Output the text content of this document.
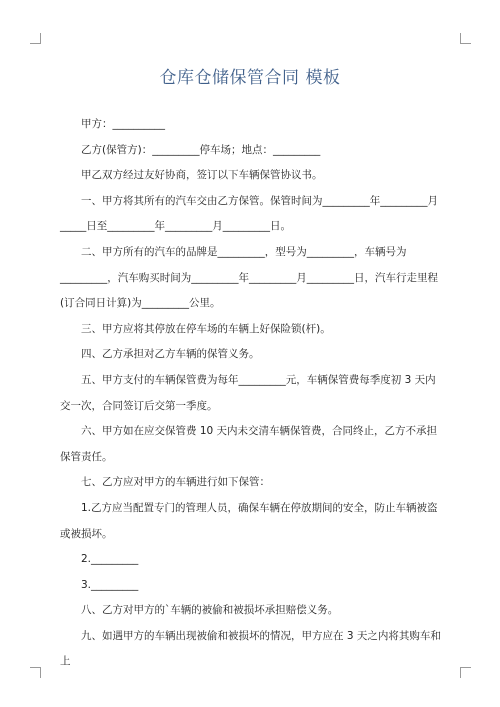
仓库仓储保管合同 模板

甲方：__________

乙方(保管方)：_________停车场；地点：_________

甲乙双方经过友好协商，签订以下车辆保管协议书。

一、甲方将其所有的汽车交由乙方保管。保管时间为_________年_________月_____日至_________年_________月_________日。

二、甲方所有的汽车的品牌是_________，型号为_________，车辆号为_________，汽车购买时间为_________年_________月_________日，汽车行走里程(订合同日计算)为_________公里。

三、甲方应将其停放在停车场的车辆上好保险锁(杆)。

四、乙方承担对乙方车辆的保管义务。

五、甲方支付的车辆保管费为每年_________元，车辆保管费每季度初 3 天内交一次，合同签订后交第一季度。

六、甲方如在应交保管费 10 天内未交清车辆保管费，合同终止，乙方不承担保管责任。

七、乙方应对甲方的车辆进行如下保管：

1.乙方应当配置专门的管理人员，确保车辆在停放期间的安全，防止车辆被盗或被损坏。

2._________

3._________

八、乙方对甲方的`车辆的被偷和被损坏承担赔偿义务。

九、如遇甲方的车辆出现被偷和被损坏的情况，甲方应在 3 天之内将其购车和上
